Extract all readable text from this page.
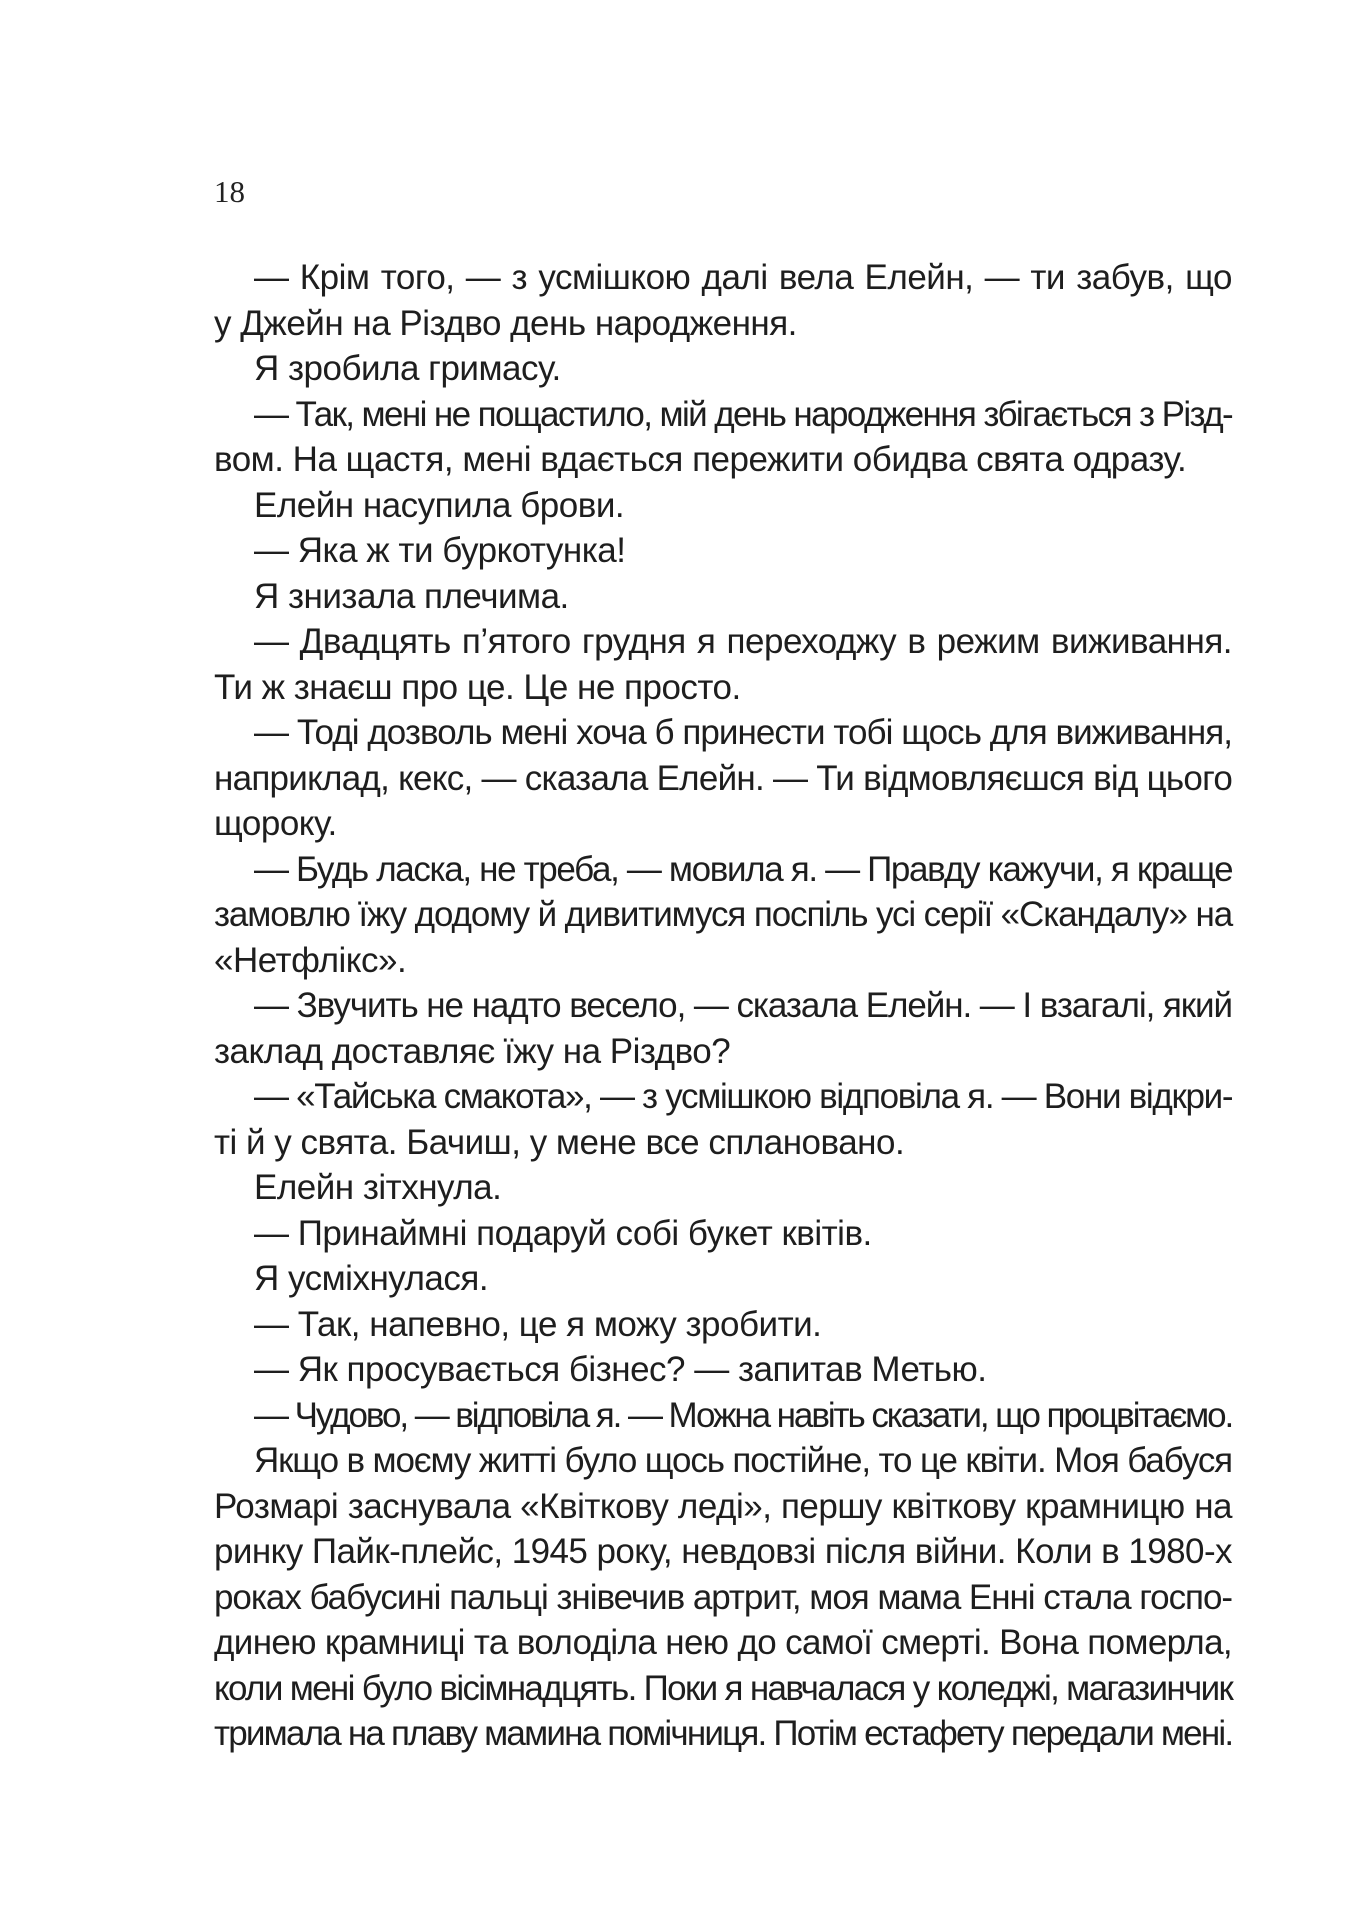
18
— Крім того, — з усмішкою далі вела Елейн, — ти забув, що
у Джейн на Різдво день народження.
Я зробила гримасу.
— Так, мені не пощастило, мій день народження збігається з Різд-
вом. На щастя, мені вдається пережити обидва свята одразу.
Елейн насупила брови.
— Яка ж ти буркотунка!
Я знизала плечима.
— Двадцять п’ятого грудня я переходжу в режим виживання.
Ти ж знаєш про це. Це не просто.
— Тоді дозволь мені хоча б принести тобі щось для виживання,
наприклад, кекс, — сказала Елейн. — Ти відмовляєшся від цього
щороку.
— Будь ласка, не треба, — мовила я. — Правду кажучи, я краще
замовлю їжу додому й дивитимуся поспіль усі серії «Скандалу» на
«Нетфлікс».
— Звучить не надто весело, — сказала Елейн. — І взагалі, який
заклад доставляє їжу на Різдво?
— «Тайська смакота», — з усмішкою відповіла я. — Вони відкри-
ті й у свята. Бачиш, у мене все сплановано.
Елейн зітхнула.
— Принаймні подаруй собі букет квітів.
Я усміхнулася.
— Так, напевно, це я можу зробити.
— Як просувається бізнес? — запитав Метью.
— Чудово, — відповіла я. — Можна навіть сказати, що процвітаємо.
Якщо в моєму житті було щось постійне, то це квіти. Моя бабуся
Розмарі заснувала «Квіткову леді», першу квіткову крамницю на
ринку Пайк-плейс, 1945 року, невдовзі після війни. Коли в 1980-х
роках бабусині пальці знівечив артрит, моя мама Енні стала госпо-
динею крамниці та володіла нею до самої смерті. Вона померла,
коли мені було вісімнадцять. Поки я навчалася у коледжі, магазинчик
тримала на плаву мамина помічниця. Потім естафету передали мені.
